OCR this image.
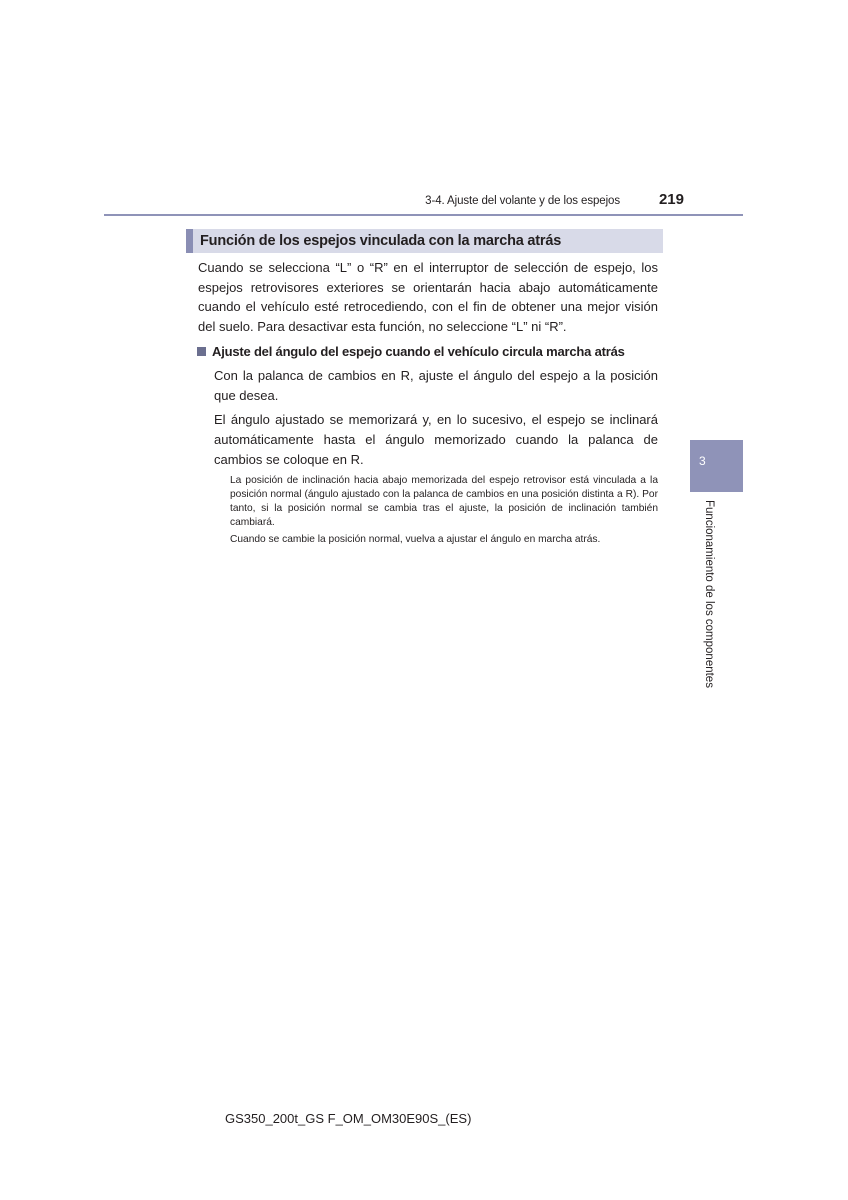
3-4. Ajuste del volante y de los espejos	219
Función de los espejos vinculada con la marcha atrás

Cuando se selecciona “L” o “R” en el interruptor de selección de espejo, los espejos retrovisores exteriores se orientarán hacia abajo automáticamente cuando el vehículo esté retrocediendo, con el fin de obtener una mejor visión del suelo. Para desactivar esta función, no seleccione “L” ni “R”.

Ajuste del ángulo del espejo cuando el vehículo circula marcha atrás

Con la palanca de cambios en R, ajuste el ángulo del espejo a la posición que desea.

El ángulo ajustado se memorizará y, en lo sucesivo, el espejo se inclinará automáticamente hasta el ángulo memorizado cuando la palanca de cambios se coloque en R.

La posición de inclinación hacia abajo memorizada del espejo retrovisor está vinculada a la posición normal (ángulo ajustado con la palanca de cambios en una posición distinta a R). Por tanto, si la posición normal se cambia tras el ajuste, la posición de inclinación también cambiará.

Cuando se cambie la posición normal, vuelva a ajustar el ángulo en marcha atrás.

3
Funcionamiento de los componentes
GS350_200t_GS F_OM_OM30E90S_(ES)
